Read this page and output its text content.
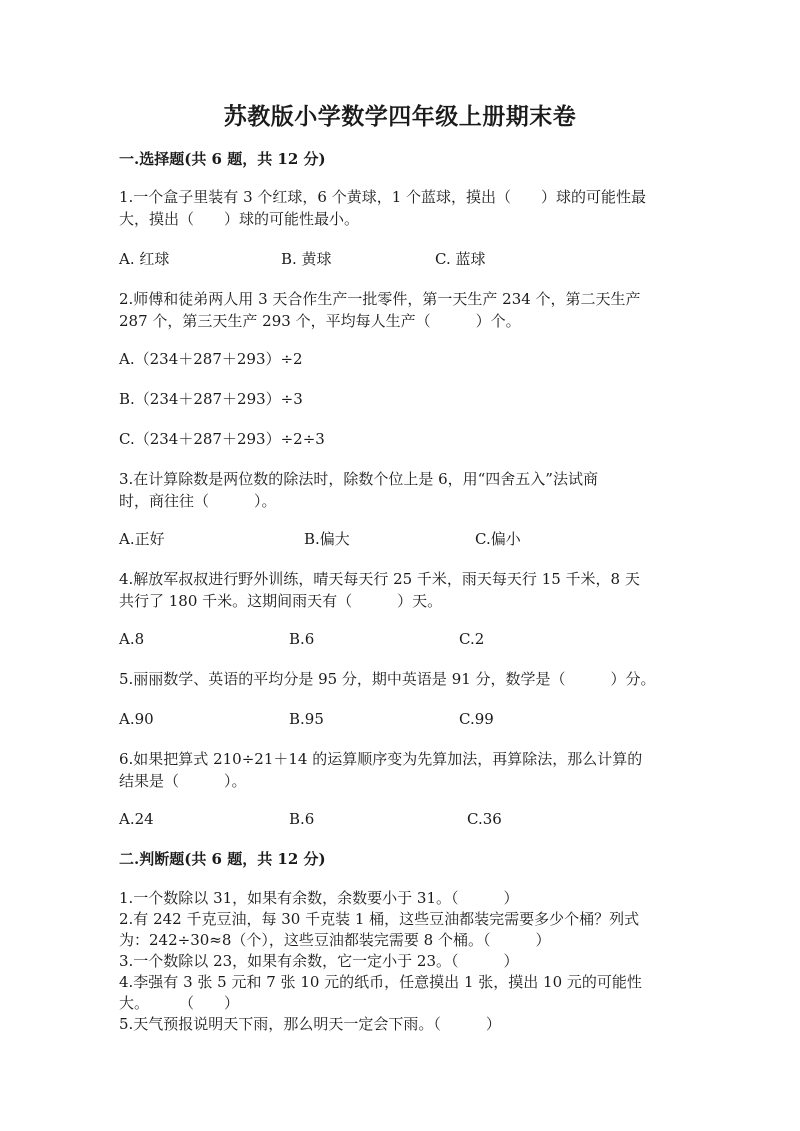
苏教版小学数学四年级上册期末卷
一.选择题(共 6 题，共 12 分)
1.一个盒子里装有 3 个红球，6 个黄球，1 个蓝球，摸出（　　）球的可能性最
大，摸出（　　）球的可能性最小。
A. 红球	B. 黄球	C. 蓝球
2.师傅和徒弟两人用 3 天合作生产一批零件，第一天生产 234 个，第二天生产
287 个，第三天生产 293 个，平均每人生产（　　　）个。
A.（234＋287＋293）÷2
B.（234＋287＋293）÷3
C.（234＋287＋293）÷2÷3
3.在计算除数是两位数的除法时，除数个位上是 6，用“四舍五入”法试商
时，商往往（　　　）。
A.正好	B.偏大	C.偏小
4.解放军叔叔进行野外训练，晴天每天行 25 千米，雨天每天行 15 千米，8 天
共行了 180 千米。这期间雨天有（　　　）天。
A.8	B.6	C.2
5.丽丽数学、英语的平均分是 95 分，期中英语是 91 分，数学是（　　　）分。
A.90	B.95	C.99
6.如果把算式 210÷21＋14 的运算顺序变为先算加法，再算除法，那么计算的
结果是（　　　）。
A.24	B.6	C.36
二.判断题(共 6 题，共 12 分)
1.一个数除以 31，如果有余数，余数要小于 31。（　　　）
2.有 242 千克豆油，每 30 千克装 1 桶，这些豆油都装完需要多少个桶？列式
为：242÷30≈8（个），这些豆油都装完需要 8 个桶。（　　　）
3.一个数除以 23，如果有余数，它一定小于 23。（　　　）
4.李强有 3 张 5 元和 7 张 10 元的纸币，任意摸出 1 张，摸出 10 元的可能性
大。　　　（　　）
5.天气预报说明天下雨，那么明天一定会下雨。（　　　）
